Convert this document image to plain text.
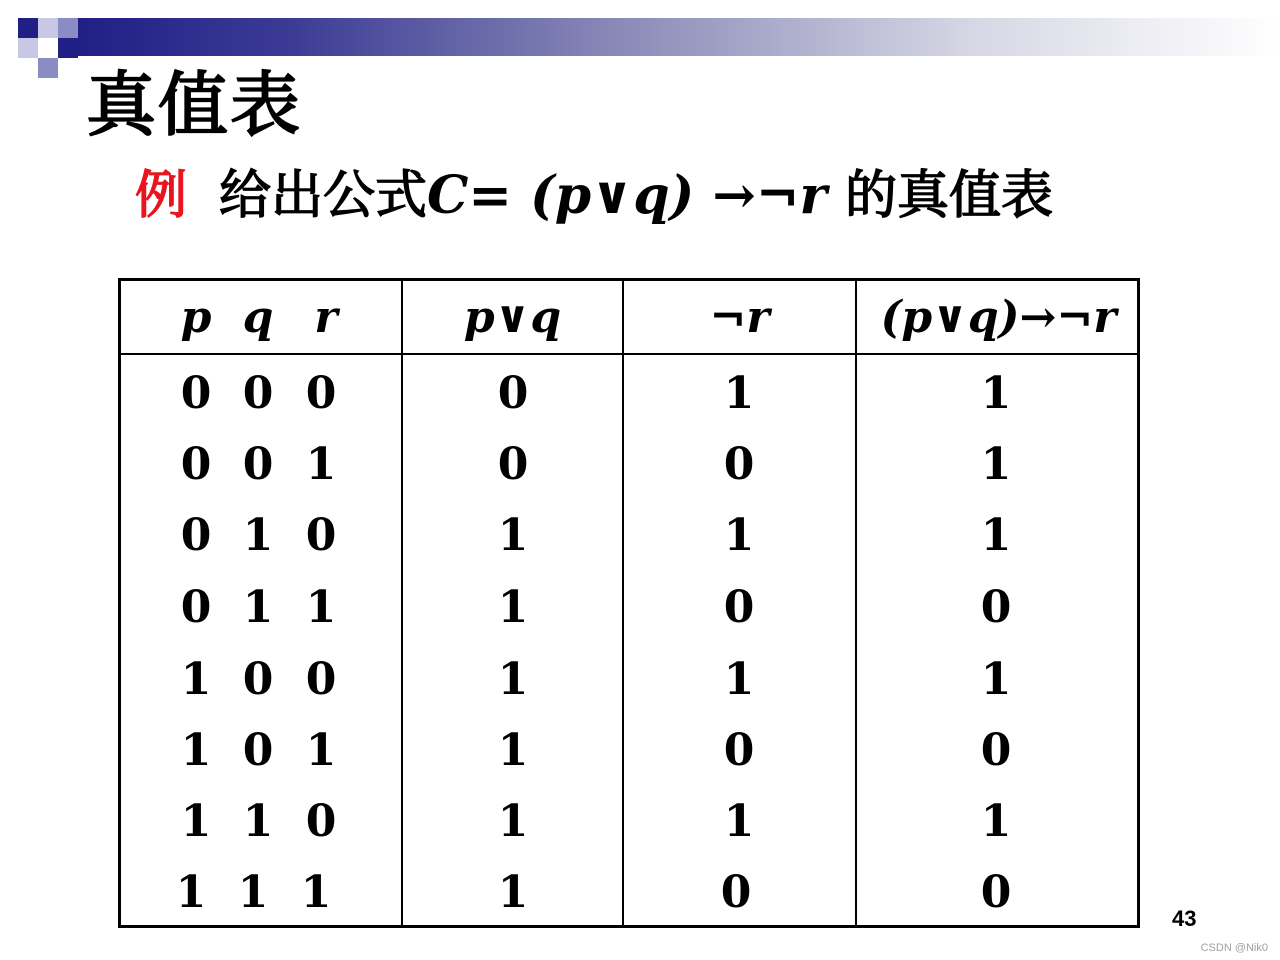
真值表
例 给出公式C= (p∨q) →¬r 的真值表
p q r	p∨q	¬r	(p∨q)→¬r
0 0 0	0	1	1
0 0 1	0	0	1
0 1 0	1	1	1
0 1 1	1	0	0
1 0 0	1	1	1
1 0 1	1	0	0
1 1 0	1	1	1
1 1 1	1	0	0
43
CSDN @Nik0
